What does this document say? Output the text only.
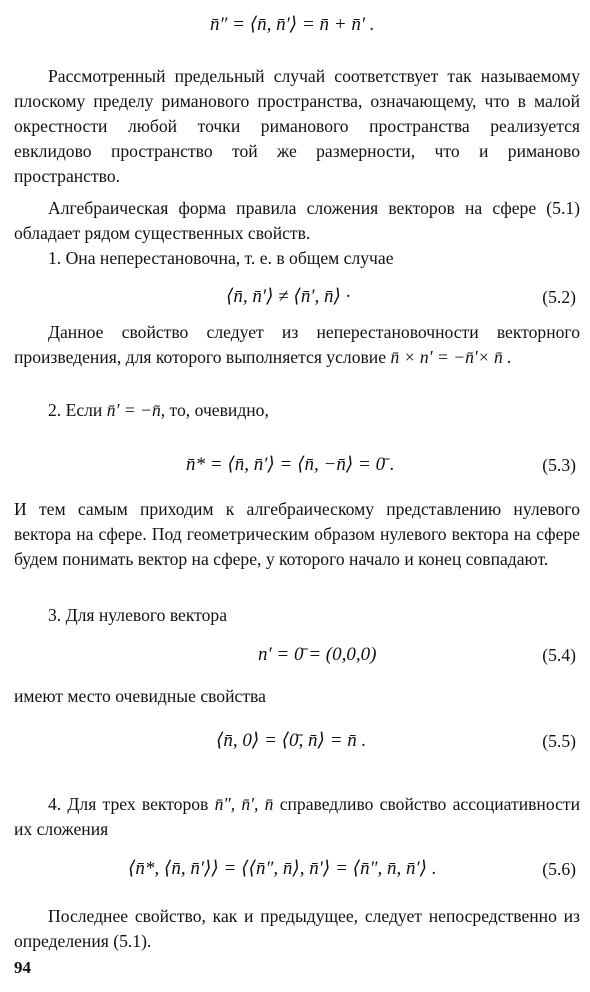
n̄″ = ⟨n̄, n̄′⟩ = n̄ + n̄′ .

Рассмотренный предельный случай соответствует так называемому плоскому пределу риманового пространства, означающему, что в малой окрестности любой точки риманового пространства реализуется евклидово пространство той же размерности, что и риманово пространство.

Алгебраическая форма правила сложения векторов на сфере (5.1) обладает рядом существенных свойств.

1. Она неперестановочна, т. е. в общем случае

⟨n̄, n̄′⟩ ≠ ⟨n̄′, n̄⟩ ·	(5.2)

Данное свойство следует из неперестановочности векторного произведения, для которого выполняется условие n̄ × n′ = −n̄′× n̄ .

2. Если n̄′ = −n̄, то, очевидно,

n̄* = ⟨n̄, n̄′⟩ = ⟨n̄, −n̄⟩ = 0̄ .	(5.3)

И тем самым приходим к алгебраическому представлению нулевого вектора на сфере. Под геометрическим образом нулевого вектора на сфере будем понимать вектор на сфере, у которого начало и конец совпадают.

3. Для нулевого вектора

n′ = 0̄ = (0,0,0)	(5.4)

имеют место очевидные свойства

⟨n̄, 0̇⟩ = ⟨0̄, n̄⟩ = n̄ .	(5.5)

4. Для трех векторов n̄″, n̄′, n̄ справедливо свойство ассоциативности их сложения

⟨n̄*, ⟨n̄, n̄′⟩⟩ = ⟨⟨n̄″, n̄⟩, n̄′⟩ = ⟨n̄″, n̄, n̄′⟩ .	(5.6)

Последнее свойство, как и предыдущее, следует непосредственно из определения (5.1).

94
